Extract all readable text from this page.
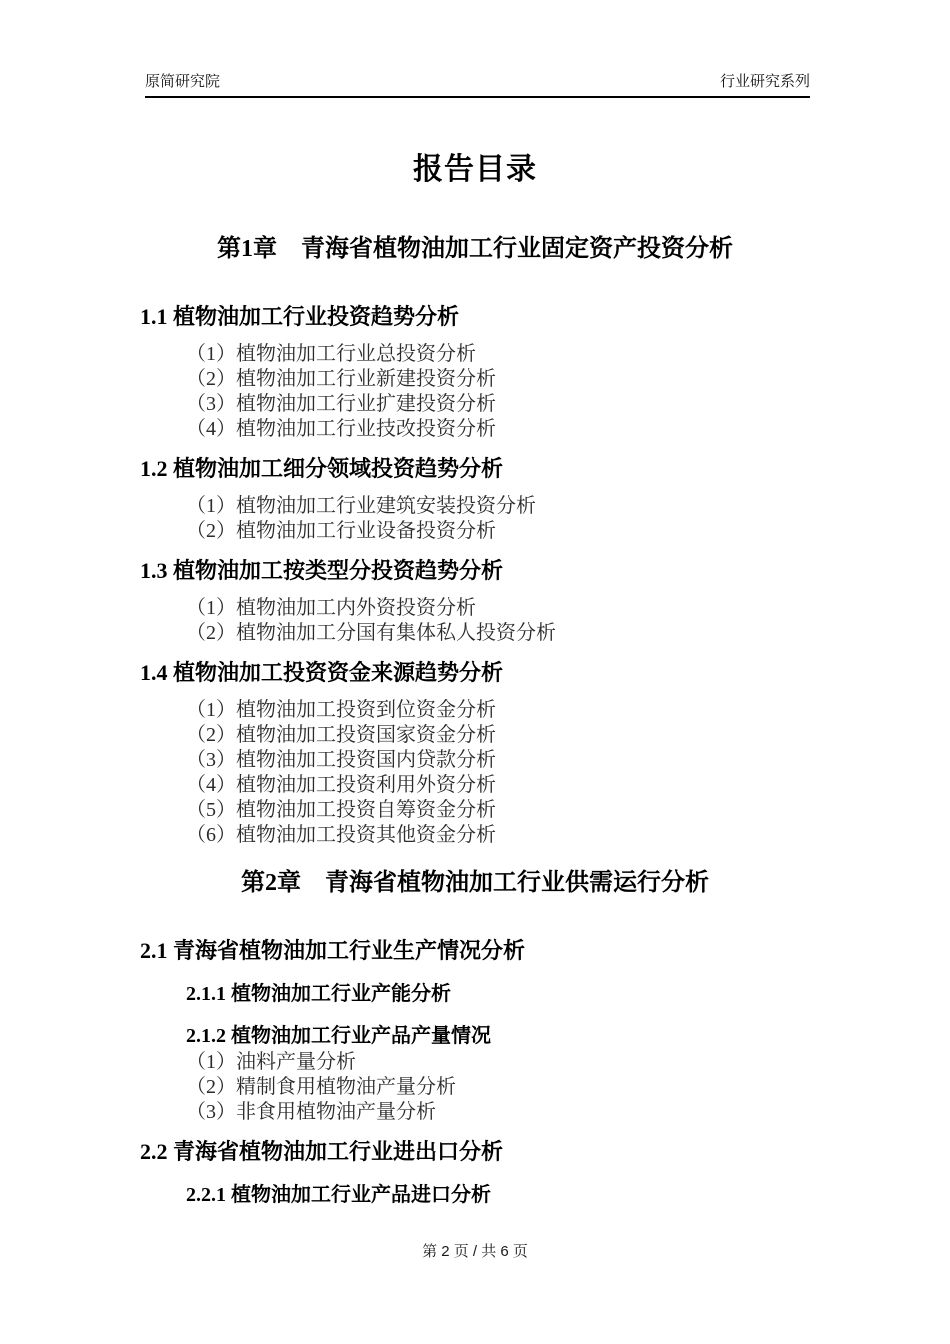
原简研究院	行业研究系列
报告目录
第1章　青海省植物油加工行业固定资产投资分析
1.1 植物油加工行业投资趋势分析
（1）植物油加工行业总投资分析
（2）植物油加工行业新建投资分析
（3）植物油加工行业扩建投资分析
（4）植物油加工行业技改投资分析
1.2 植物油加工细分领域投资趋势分析
（1）植物油加工行业建筑安装投资分析
（2）植物油加工行业设备投资分析
1.3 植物油加工按类型分投资趋势分析
（1）植物油加工内外资投资分析
（2）植物油加工分国有集体私人投资分析
1.4 植物油加工投资资金来源趋势分析
（1）植物油加工投资到位资金分析
（2）植物油加工投资国家资金分析
（3）植物油加工投资国内贷款分析
（4）植物油加工投资利用外资分析
（5）植物油加工投资自筹资金分析
（6）植物油加工投资其他资金分析
第2章　青海省植物油加工行业供需运行分析
2.1 青海省植物油加工行业生产情况分析
2.1.1 植物油加工行业产能分析
2.1.2 植物油加工行业产品产量情况
（1）油料产量分析
（2）精制食用植物油产量分析
（3）非食用植物油产量分析
2.2 青海省植物油加工行业进出口分析
2.2.1 植物油加工行业产品进口分析
第 2 页 / 共 6 页
